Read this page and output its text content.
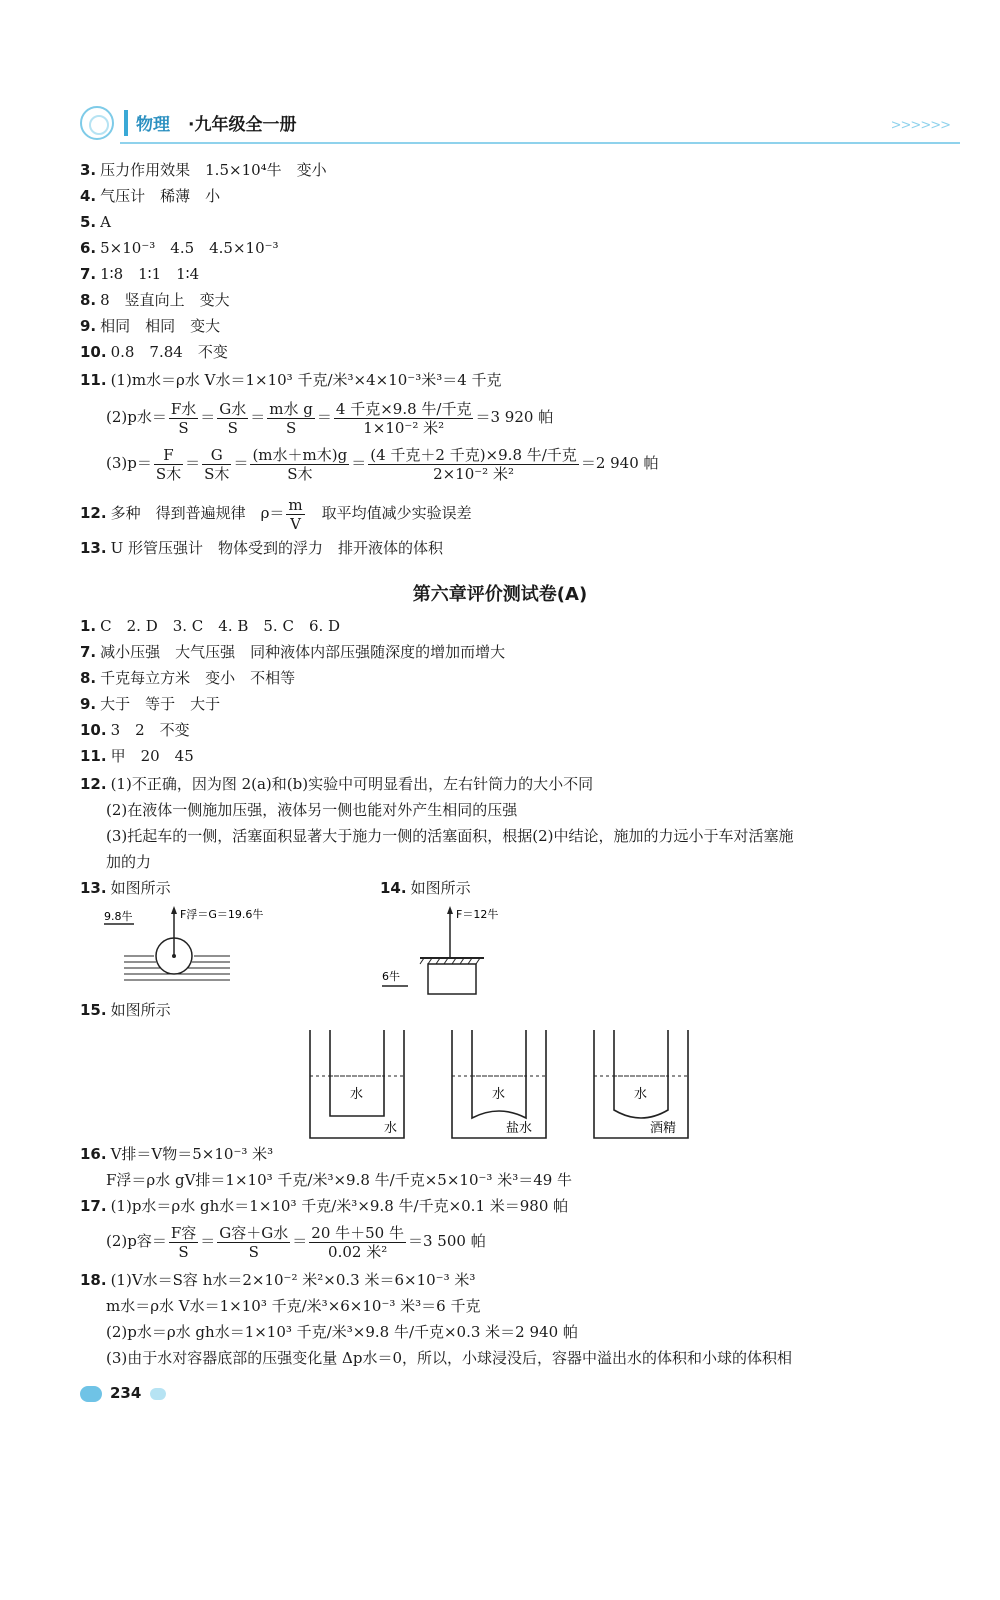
物理 ·九年级全一册	>>>>>>
3. 压力作用效果　1.5×10⁴牛　变小
4. 气压计　稀薄　小
5. A
6. 5×10⁻³　4.5　4.5×10⁻³
7. 1∶8　1∶1　1∶4
8. 8　竖直向上　变大
9. 相同　相同　变大
10. 0.8　7.84　不变
11. (1)m水＝ρ水 V水＝1×10³ 千克/米³×4×10⁻³米³＝4 千克
(2)p水＝ $\frac{\text{F水}}{S} = \frac{\text{G水}}{S} = \frac{\text{m水 g}}{S} = \frac{\text{4 千克×9.8 牛/千克}}{\text{1×10⁻² 米²}} =3$ 920 帕
$(3)p= \frac{F}{\text{S木}} = \frac{G}{\text{S木}} = \frac{\text{(m水＋m木)g}}{\text{S木}} = \frac{\text{(4 千克＋2 千克)×9.8 牛/千克}}{\text{2×10⁻² 米²}} =2$ 940 帕
12. 多种　得到普遍规律　$\rho= \frac{m}{V}$ 　取平均值减少实验误差
13. U 形管压强计　物体受到的浮力　排开液体的体积
第六章评价测试卷(A)
1. C　2. D　3. C　4. B　5. C　6. D
7. 减小压强　大气压强　同种液体内部压强随深度的增加而增大
8. 千克每立方米　变小　不相等
9. 大于　等于　大于
10. 3　2　不变
11. 甲　20　45
12. (1)不正确，因为图 2(a)和(b)实验中可明显看出，左右针筒力的大小不同
(2)在液体一侧施加压强，液体另一侧也能对外产生相同的压强
(3)托起车的一侧，活塞面积显著大于施力一侧的活塞面积，根据(2)中结论，施加的力远小于车对活塞施
加的力
13. 如图所示	14. 如图所示
9.8牛	F浮＝G＝19.6牛	F＝12牛
6牛
15. 如图所示
水	水	水
水	盐水	酒精
16. V排＝V物＝5×10⁻³ 米³
F浮＝ρ水 gV排＝1×10³ 千克/米³×9.8 牛/千克×5×10⁻³ 米³＝49 牛
17. (1)p水＝ρ水 gh水＝1×10³ 千克/米³×9.8 牛/千克×0.1 米＝980 帕
(2)p容＝ $\frac{\text{F容}}{S} = \frac{\text{G容＋G水}}{S} = \frac{\text{20 牛＋50 牛}}{\text{0.02 米²}} =3$ 500 帕
18. (1)V水＝S容 h水＝2×10⁻² 米²×0.3 米＝6×10⁻³ 米³
m水＝ρ水 V水＝1×10³ 千克/米³×6×10⁻³ 米³＝6 千克
(2)p水＝ρ水 gh水＝1×10³ 千克/米³×9.8 牛/千克×0.3 米＝2 940 帕
(3)由于水对容器底部的压强变化量 Δp水＝0，所以，小球浸没后，容器中溢出水的体积和小球的体积相
234
